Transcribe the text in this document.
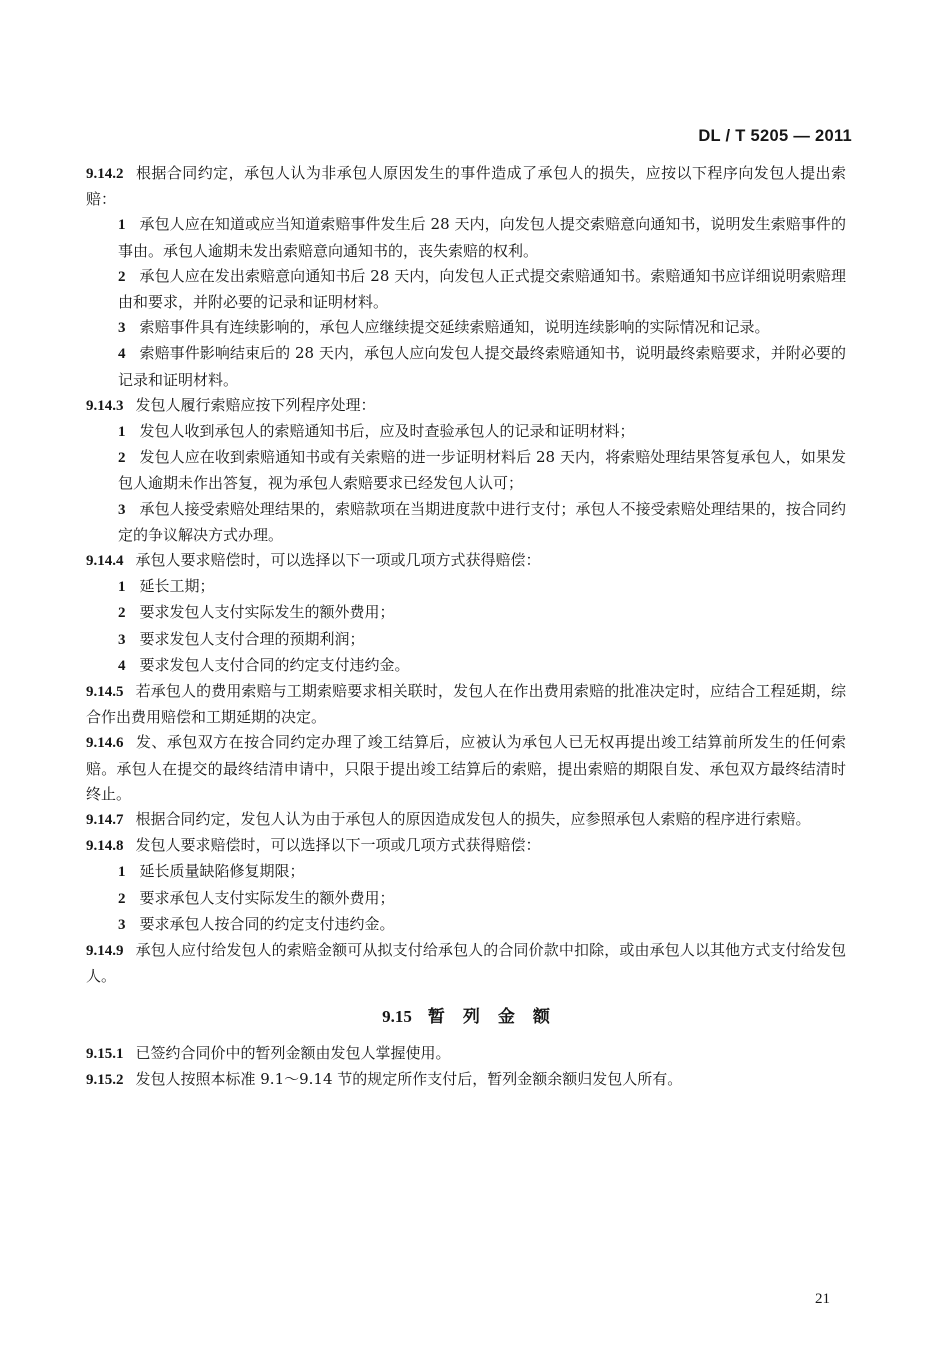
DL / T 5205 — 2011

9.14.2 根据合同约定，承包人认为非承包人原因发生的事件造成了承包人的损失，应按以下程序向发包人提出索赔：

1 承包人应在知道或应当知道索赔事件发生后 28 天内，向发包人提交索赔意向通知书，说明发生索赔事件的事由。承包人逾期未发出索赔意向通知书的，丧失索赔的权利。

2 承包人应在发出索赔意向通知书后 28 天内，向发包人正式提交索赔通知书。索赔通知书应详细说明索赔理由和要求，并附必要的记录和证明材料。

3 索赔事件具有连续影响的，承包人应继续提交延续索赔通知，说明连续影响的实际情况和记录。

4 索赔事件影响结束后的 28 天内，承包人应向发包人提交最终索赔通知书，说明最终索赔要求，并附必要的记录和证明材料。

9.14.3 发包人履行索赔应按下列程序处理：

1 发包人收到承包人的索赔通知书后，应及时查验承包人的记录和证明材料；

2 发包人应在收到索赔通知书或有关索赔的进一步证明材料后 28 天内，将索赔处理结果答复承包人，如果发包人逾期未作出答复，视为承包人索赔要求已经发包人认可；

3 承包人接受索赔处理结果的，索赔款项在当期进度款中进行支付；承包人不接受索赔处理结果的，按合同约定的争议解决方式办理。

9.14.4 承包人要求赔偿时，可以选择以下一项或几项方式获得赔偿：

1 延长工期；

2 要求发包人支付实际发生的额外费用；

3 要求发包人支付合理的预期利润；

4 要求发包人支付合同的约定支付违约金。

9.14.5 若承包人的费用索赔与工期索赔要求相关联时，发包人在作出费用索赔的批准决定时，应结合工程延期，综合作出费用赔偿和工期延期的决定。

9.14.6 发、承包双方在按合同约定办理了竣工结算后，应被认为承包人已无权再提出竣工结算前所发生的任何索赔。承包人在提交的最终结清申请中，只限于提出竣工结算后的索赔，提出索赔的期限自发、承包双方最终结清时终止。

9.14.7 根据合同约定，发包人认为由于承包人的原因造成发包人的损失，应参照承包人索赔的程序进行索赔。

9.14.8 发包人要求赔偿时，可以选择以下一项或几项方式获得赔偿：

1 延长质量缺陷修复期限；

2 要求承包人支付实际发生的额外费用；

3 要求承包人按合同的约定支付违约金。

9.14.9 承包人应付给发包人的索赔金额可从拟支付给承包人的合同价款中扣除，或由承包人以其他方式支付给发包人。

9.15 暂列金额

9.15.1 已签约合同价中的暂列金额由发包人掌握使用。

9.15.2 发包人按照本标准 9.1～9.14 节的规定所作支付后，暂列金额余额归发包人所有。

21
